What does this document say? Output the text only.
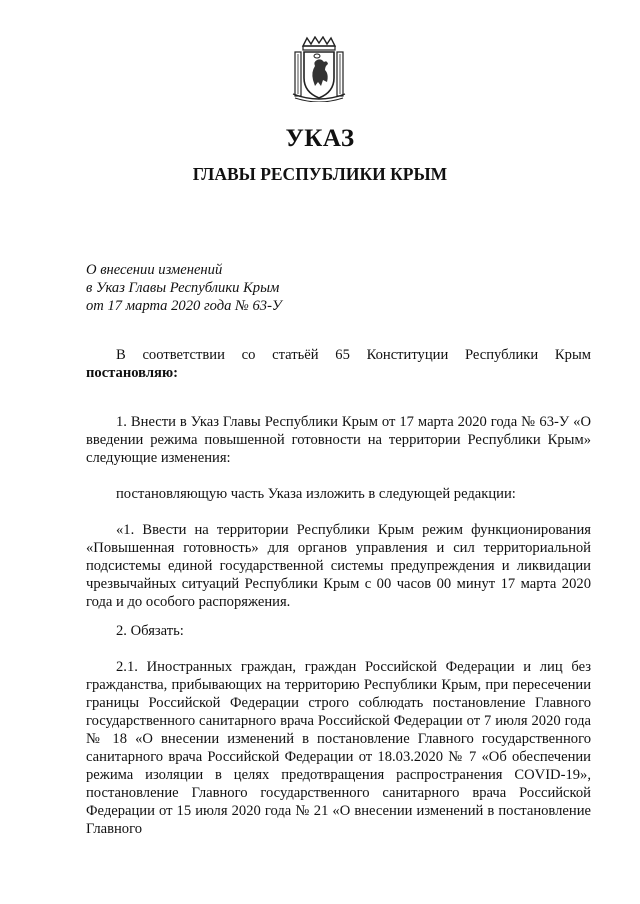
УКАЗ
ГЛАВЫ РЕСПУБЛИКИ КРЫМ
О внесении изменений
в Указ Главы Республики Крым
от 17 марта 2020 года № 63-У

В соответствии со статьёй 65 Конституции Республики Крым постановляю:

1. Внести в Указ Главы Республики Крым от 17 марта 2020 года № 63-У «О введении режима повышенной готовности на территории Республики Крым» следующие изменения:

постановляющую часть Указа изложить в следующей редакции:

«1. Ввести на территории Республики Крым режим функционирования «Повышенная готовность» для органов управления и сил территориальной подсистемы единой государственной системы предупреждения и ликвидации чрезвычайных ситуаций Республики Крым с 00 часов 00 минут 17 марта 2020 года и до особого распоряжения.

2. Обязать:

2.1. Иностранных граждан, граждан Российской Федерации и лиц без гражданства, прибывающих на территорию Республики Крым, при пересечении границы Российской Федерации строго соблюдать постановление Главного государственного санитарного врача Российской Федерации от 7 июля 2020 года № 18 «О внесении изменений в постановление Главного государственного санитарного врача Российской Федерации от 18.03.2020 № 7 «Об обеспечении режима изоляции в целях предотвращения распространения COVID-19», постановление Главного государственного санитарного врача Российской Федерации от 15 июля 2020 года № 21 «О внесении изменений в постановление Главного
